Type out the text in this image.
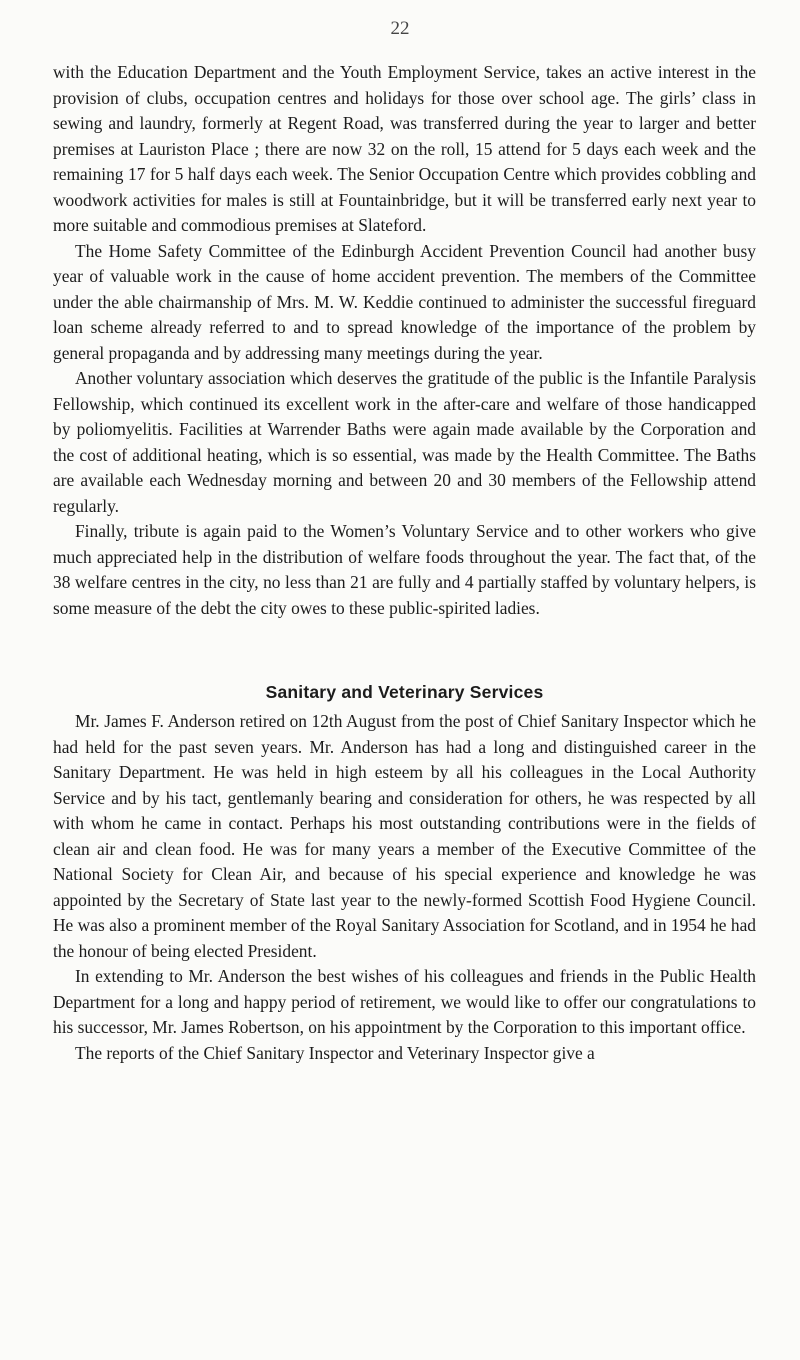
22

with the Education Department and the Youth Employment Service, takes an active interest in the provision of clubs, occupation centres and holidays for those over school age. The girls’ class in sewing and laundry, formerly at Regent Road, was transferred during the year to larger and better premises at Lauriston Place ; there are now 32 on the roll, 15 attend for 5 days each week and the remaining 17 for 5 half days each week. The Senior Occupation Centre which provides cobbling and woodwork activities for males is still at Fountainbridge, but it will be transferred early next year to more suitable and commodious premises at Slateford.

The Home Safety Committee of the Edinburgh Accident Prevention Council had another busy year of valuable work in the cause of home accident prevention. The members of the Committee under the able chairmanship of Mrs. M. W. Keddie continued to administer the successful fireguard loan scheme already referred to and to spread knowledge of the importance of the problem by general propaganda and by addressing many meetings during the year.

Another voluntary association which deserves the gratitude of the public is the Infantile Paralysis Fellowship, which continued its excellent work in the after-care and welfare of those handicapped by poliomyelitis. Facilities at Warrender Baths were again made available by the Corporation and the cost of additional heating, which is so essential, was made by the Health Committee. The Baths are available each Wednesday morning and between 20 and 30 members of the Fellowship attend regularly.

Finally, tribute is again paid to the Women’s Voluntary Service and to other workers who give much appreciated help in the distribution of welfare foods throughout the year. The fact that, of the 38 welfare centres in the city, no less than 21 are fully and 4 partially staffed by voluntary helpers, is some measure of the debt the city owes to these public-spirited ladies.

Sanitary and Veterinary Services

Mr. James F. Anderson retired on 12th August from the post of Chief Sanitary Inspector which he had held for the past seven years. Mr. Anderson has had a long and distinguished career in the Sanitary Department. He was held in high esteem by all his colleagues in the Local Authority Service and by his tact, gentlemanly bearing and consideration for others, he was respected by all with whom he came in contact. Perhaps his most outstanding contributions were in the fields of clean air and clean food. He was for many years a member of the Executive Committee of the National Society for Clean Air, and because of his special experience and knowledge he was appointed by the Secretary of State last year to the newly-formed Scottish Food Hygiene Council. He was also a prominent member of the Royal Sanitary Association for Scotland, and in 1954 he had the honour of being elected President.

In extending to Mr. Anderson the best wishes of his colleagues and friends in the Public Health Department for a long and happy period of retirement, we would like to offer our congratulations to his successor, Mr. James Robertson, on his appointment by the Corporation to this important office.

The reports of the Chief Sanitary Inspector and Veterinary Inspector give a
